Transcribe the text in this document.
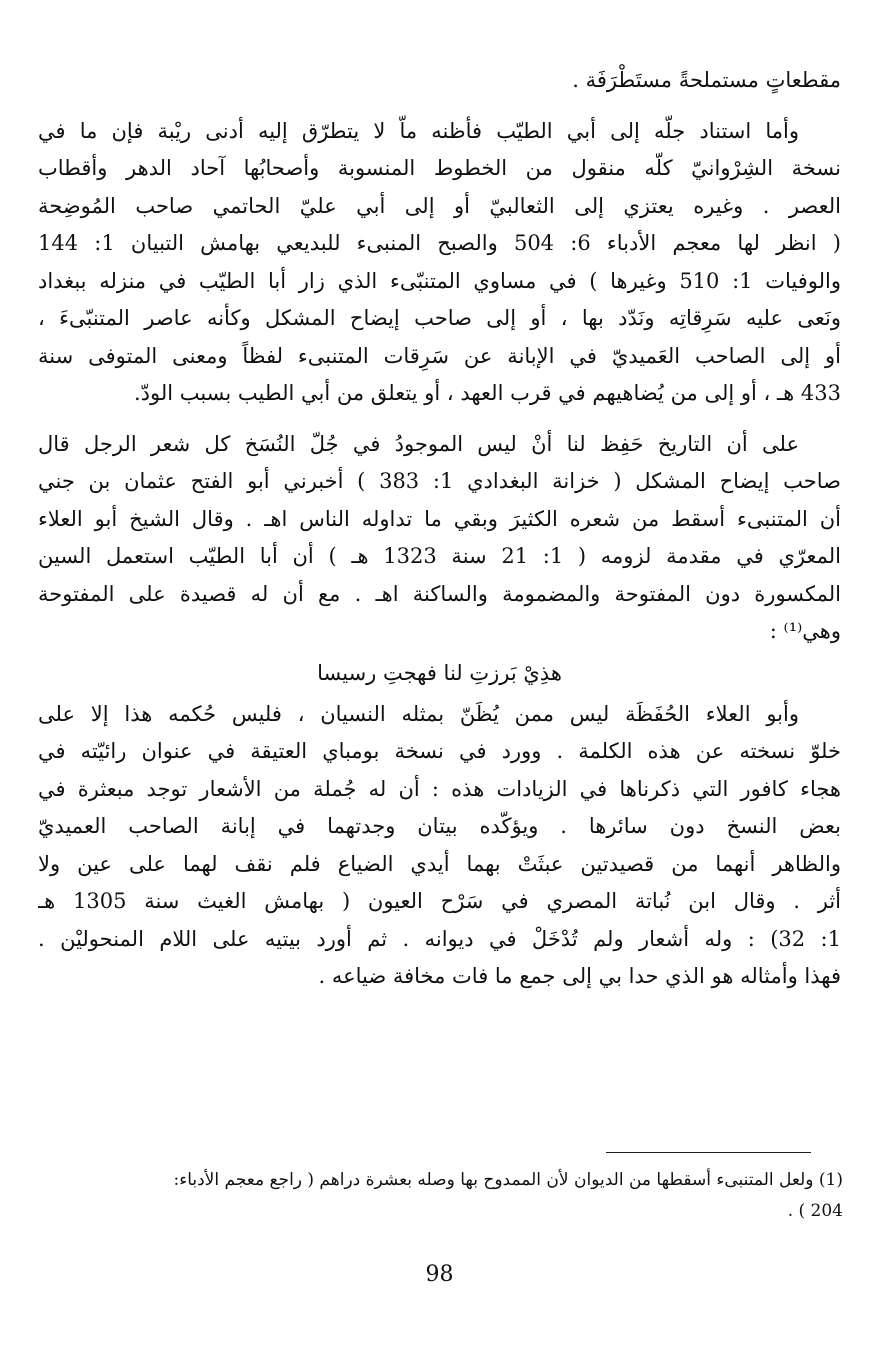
مقطعاتٍ مستملحةً مستَطْرَفَة .

وأما استناد جلّه إلى أبي الطيّب فأظنه ماّ لا يتطرّق إليه أدنى ريْبة فإن ما في
نسخة الشِرْوانيّ كلّه منقول من الخطوط المنسوبة وأصحابُها آحاد الدهر وأقطاب
العصر . وغيره يعتزي إلى الثعالبيّ أو إلى أبي عليّ الحاتمي صاحب المُوضِحة
( انظر لها معجم الأدباء 6: 504 والصبح المنبىء للبديعي بهامش التبيان 1: 144
والوفيات 1: 510 وغيرها ) في مساوي المتنبّىء الذي زار أبا الطيّب في منزله ببغداد
ونَعى عليه سَرِقاتِه ونَدّد بها ، أو إلى صاحب إيضاح المشكل وكأنه عاصر المتنبّىءَ ،
أو إلى الصاحب العَميديّ في الإبانة عن سَرِقات المتنبىء لفظاً ومعنى المتوفى سنة
433 هـ ، أو إلى من يُضاهيهم في قرب العهد ، أو يتعلق من أبي الطيب بسبب الودّ.

على أن التاريخ حَفِظ لنا أنْ ليس الموجودُ في جُلّ النُسَخ كل شعر الرجل قال
صاحب إيضاح المشكل ( خزانة البغدادي 1: 383 ) أخبرني أبو الفتح عثمان بن جني
أن المتنبىء أسقط من شعره الكثيرَ وبقي ما تداوله الناس اهـ . وقال الشيخ أبو العلاء
المعرّي في مقدمة لزومه ( 1: 21 سنة 1323 هـ ) أن أبا الطيّب استعمل السين
المكسورة دون المفتوحة والمضمومة والساكنة اهـ . مع أن له قصيدة على المفتوحة
وهي⁽¹⁾ :

هذِيْ بَرزتِ لنا فهجتِ رسيسا

وأبو العلاء الحُفَظَة ليس ممن يُظَنّ بمثله النسيان ، فليس حُكمه هذا إلا على
خلوّ نسخته عن هذه الكلمة . وورد في نسخة بومباي العتيقة في عنوان رائيّته في
هجاء كافور التي ذكرناها في الزيادات هذه : أن له جُملة من الأشعار توجد مبعثرة في
بعض النسخ دون سائرها . ويؤكّده بيتان وجدتهما في إبانة الصاحب العميديّ
والظاهر أنهما من قصيدتين عبثَتْ بهما أيدي الضياع فلم نقف لهما على عين ولا
أثر . وقال ابن نُباتة المصري في سَرْح العيون ( بهامش الغيث سنة 1305 هـ
1: 32) : وله أشعار ولم تُدْخَلْ في ديوانه . ثم أورد بيتيه على اللام المنحوليْن .
فهذا وأمثاله هو الذي حدا بي إلى جمع ما فات مخافة ضياعه .

(1) ولعل المتنبىء أسقطها من الديوان لأن الممدوح بها وصله بعشرة دراهم ( راجع معجم الأدباء:
204 ) .
98
